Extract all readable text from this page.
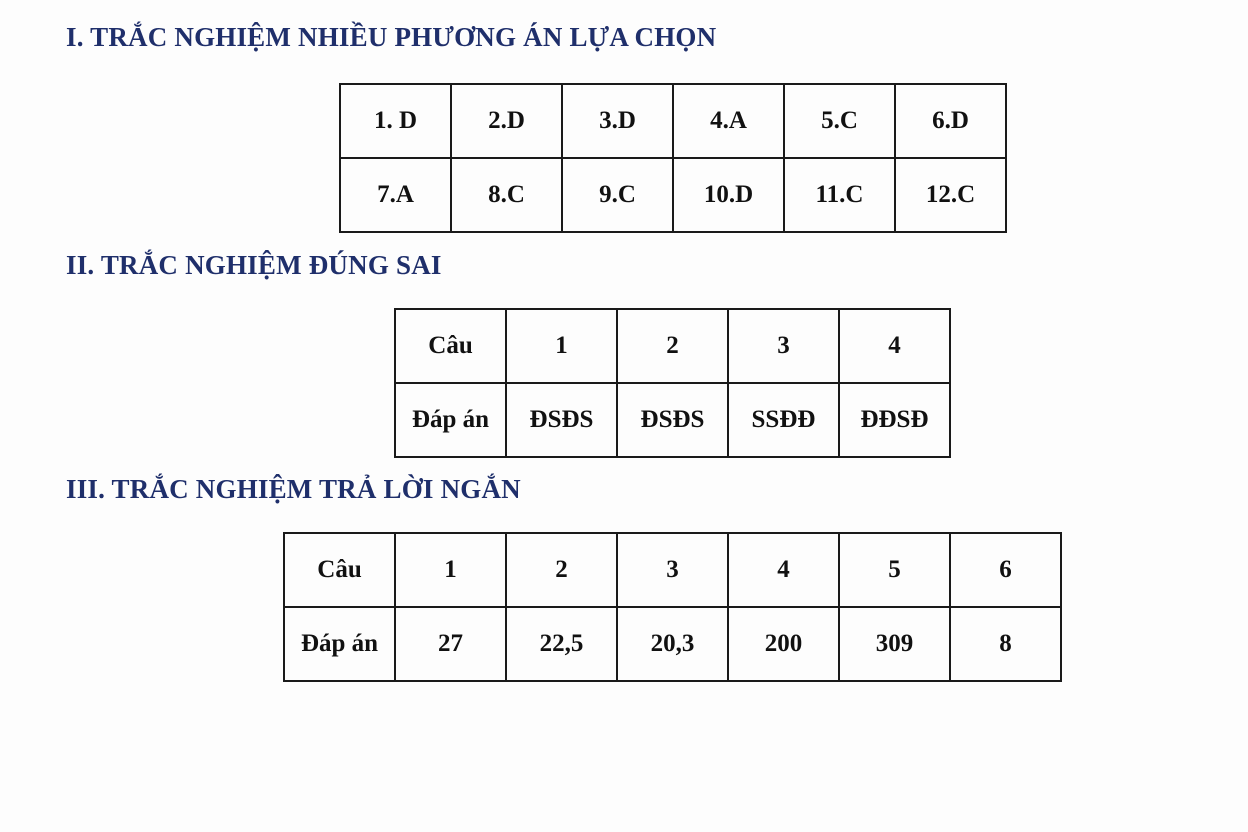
I. TRẮC NGHIỆM NHIỀU PHƯƠNG ÁN LỰA CHỌN
1. D	2.D	3.D	4.A	5.C	6.D
7.A	8.C	9.C	10.D	11.C	12.C
II. TRẮC NGHIỆM ĐÚNG SAI
Câu	1	2	3	4
Đáp án	ĐSĐS	ĐSĐS	SSĐĐ	ĐĐSĐ
III. TRẮC NGHIỆM TRẢ LỜI NGẮN
Câu	1	2	3	4	5	6
Đáp án	27	22,5	20,3	200	309	8
